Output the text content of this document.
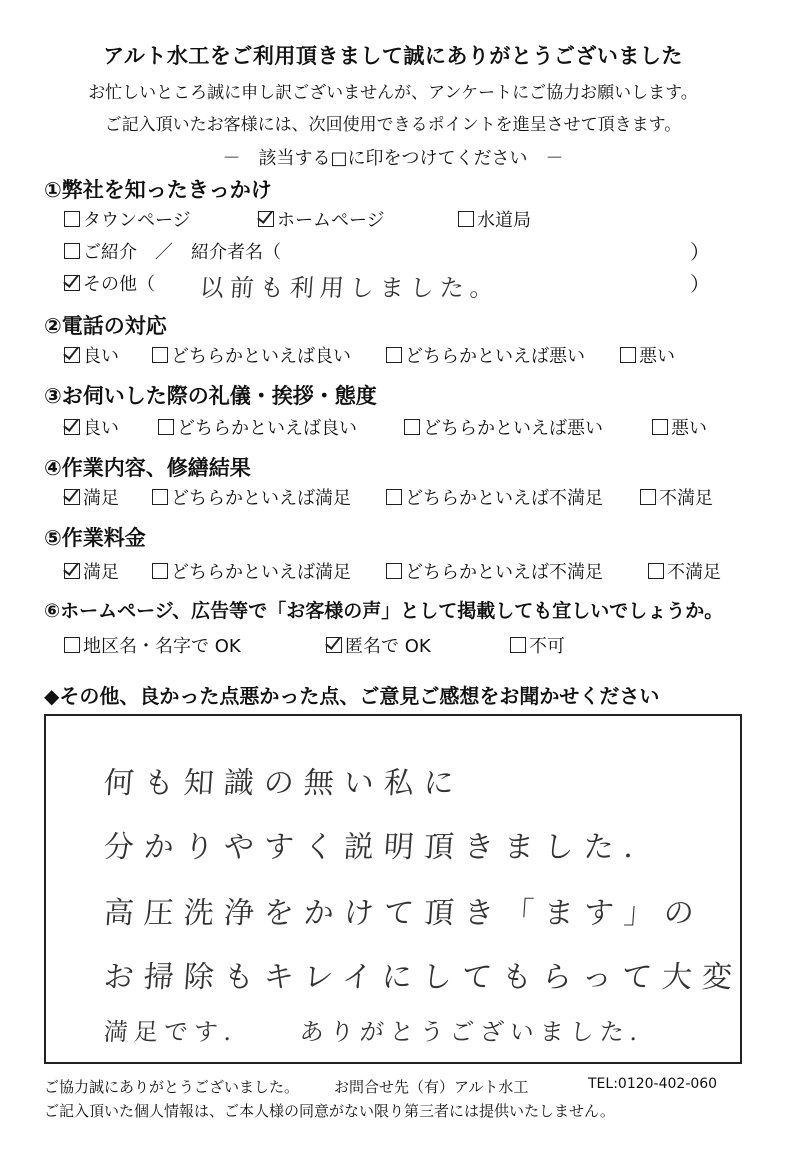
アルト水工をご利用頂きまして誠にありがとうございました
お忙しいところ誠に申し訳ございませんが、アンケートにご協力お願いします。
ご記入頂いたお客様には、次回使用できるポイントを進呈させて頂きます。
－　該当する□に印をつけてください　－
①弊社を知ったきっかけ
タウンページ	ホームページ	水道局
ご紹介　／　紹介者名（	）
その他（ 以前も利用しました。	）
②電話の対応
良い	どちらかといえば良い	どちらかといえば悪い	悪い
③お伺いした際の礼儀・挨拶・態度
良い	どちらかといえば良い	どちらかといえば悪い	悪い
④作業内容、修繕結果
満足	どちらかといえば満足	どちらかといえば不満足	不満足
⑤作業料金
満足	どちらかといえば満足	どちらかといえば不満足	不満足
⑥ホームページ、広告等で「お客様の声」として掲載しても宜しいでしょうか。
地区名・名字で OK	匿名で OK	不可
◆その他、良かった点悪かった点、ご意見ご感想をお聞かせください
何も知識の無い私に
分かりやすく説明頂きました.
高圧洗浄をかけて頂き「ます」の
お掃除もキレイにしてもらって大変
満足です.	ありがとうございました.
ご協力誠にありがとうございました。 お問合せ先（有）アルト水工	TEL:0120-402-060
ご記入頂いた個人情報は、ご本人様の同意がない限り第三者には提供いたしません。
